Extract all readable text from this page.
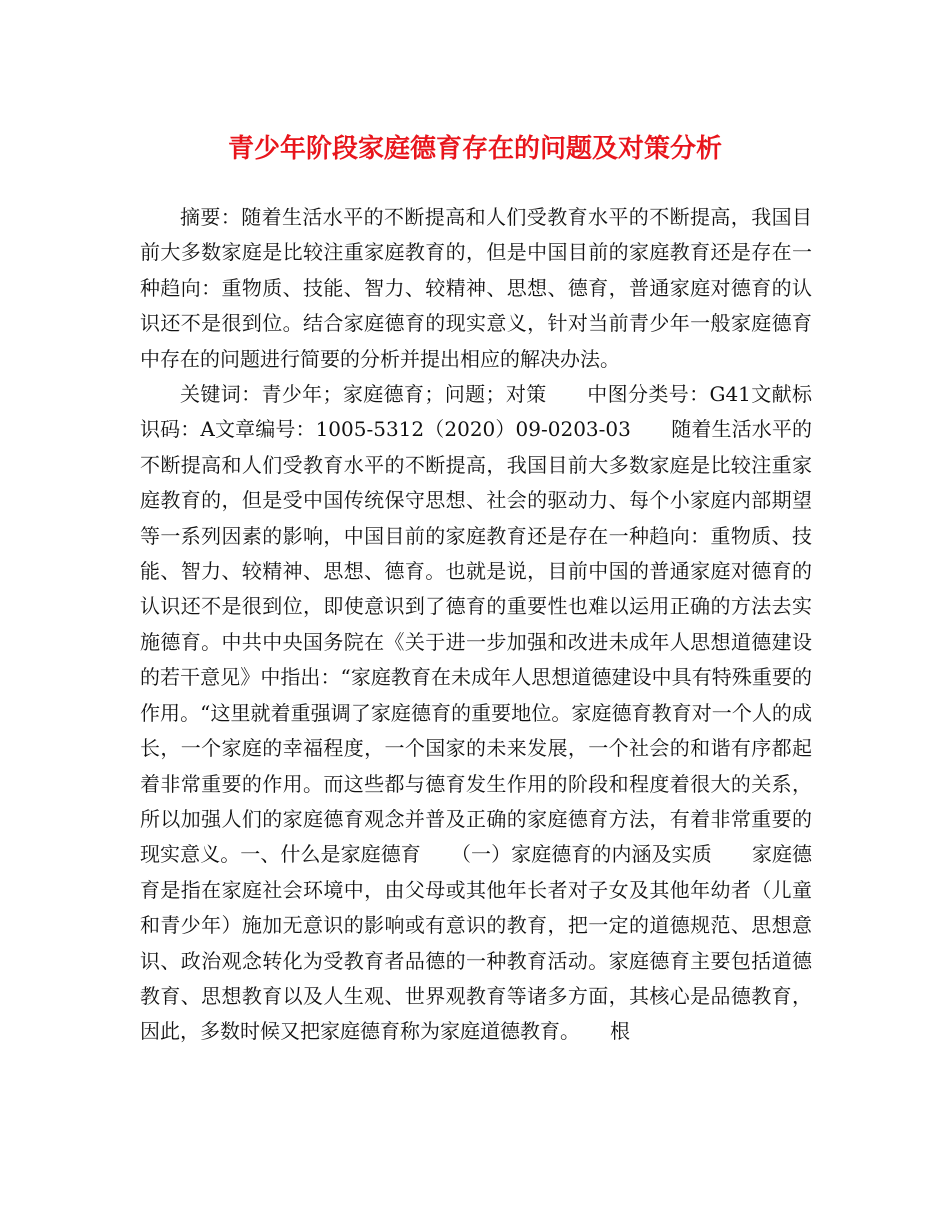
青少年阶段家庭德育存在的问题及对策分析

摘要：随着生活水平的不断提高和人们受教育水平的不断提高，我国目前大多数家庭是比较注重家庭教育的，但是中国目前的家庭教育还是存在一种趋向：重物质、技能、智力、较精神、思想、德育，普通家庭对德育的认识还不是很到位。结合家庭德育的现实意义，针对当前青少年一般家庭德育中存在的问题进行简要的分析并提出相应的解决办法。

关键词：青少年；家庭德育；问题；对策　　中图分类号：G41文献标识码：A文章编号：1005-5312（2020）09-0203-03　　随着生活水平的不断提高和人们受教育水平的不断提高，我国目前大多数家庭是比较注重家庭教育的，但是受中国传统保守思想、社会的驱动力、每个小家庭内部期望等一系列因素的影响，中国目前的家庭教育还是存在一种趋向：重物质、技能、智力、较精神、思想、德育。也就是说，目前中国的普通家庭对德育的认识还不是很到位，即使意识到了德育的重要性也难以运用正确的方法去实施德育。中共中央国务院在《关于进一步加强和改进未成年人思想道德建设的若干意见》中指出：“家庭教育在未成年人思想道德建设中具有特殊重要的作用。“这里就着重强调了家庭德育的重要地位。家庭德育教育对一个人的成长，一个家庭的幸福程度，一个国家的未来发展，一个社会的和谐有序都起着非常重要的作用。而这些都与德育发生作用的阶段和程度着很大的关系，所以加强人们的家庭德育观念并普及正确的家庭德育方法，有着非常重要的现实意义。一、什么是家庭德育　　（一）家庭德育的内涵及实质　　家庭德育是指在家庭社会环境中，由父母或其他年长者对子女及其他年幼者（儿童和青少年）施加无意识的影响或有意识的教育，把一定的道德规范、思想意识、政治观念转化为受教育者品德的一种教育活动。家庭德育主要包括道德教育、思想教育以及人生观、世界观教育等诸多方面，其核心是品德教育，因此，多数时候又把家庭德育称为家庭道德教育。　　根
